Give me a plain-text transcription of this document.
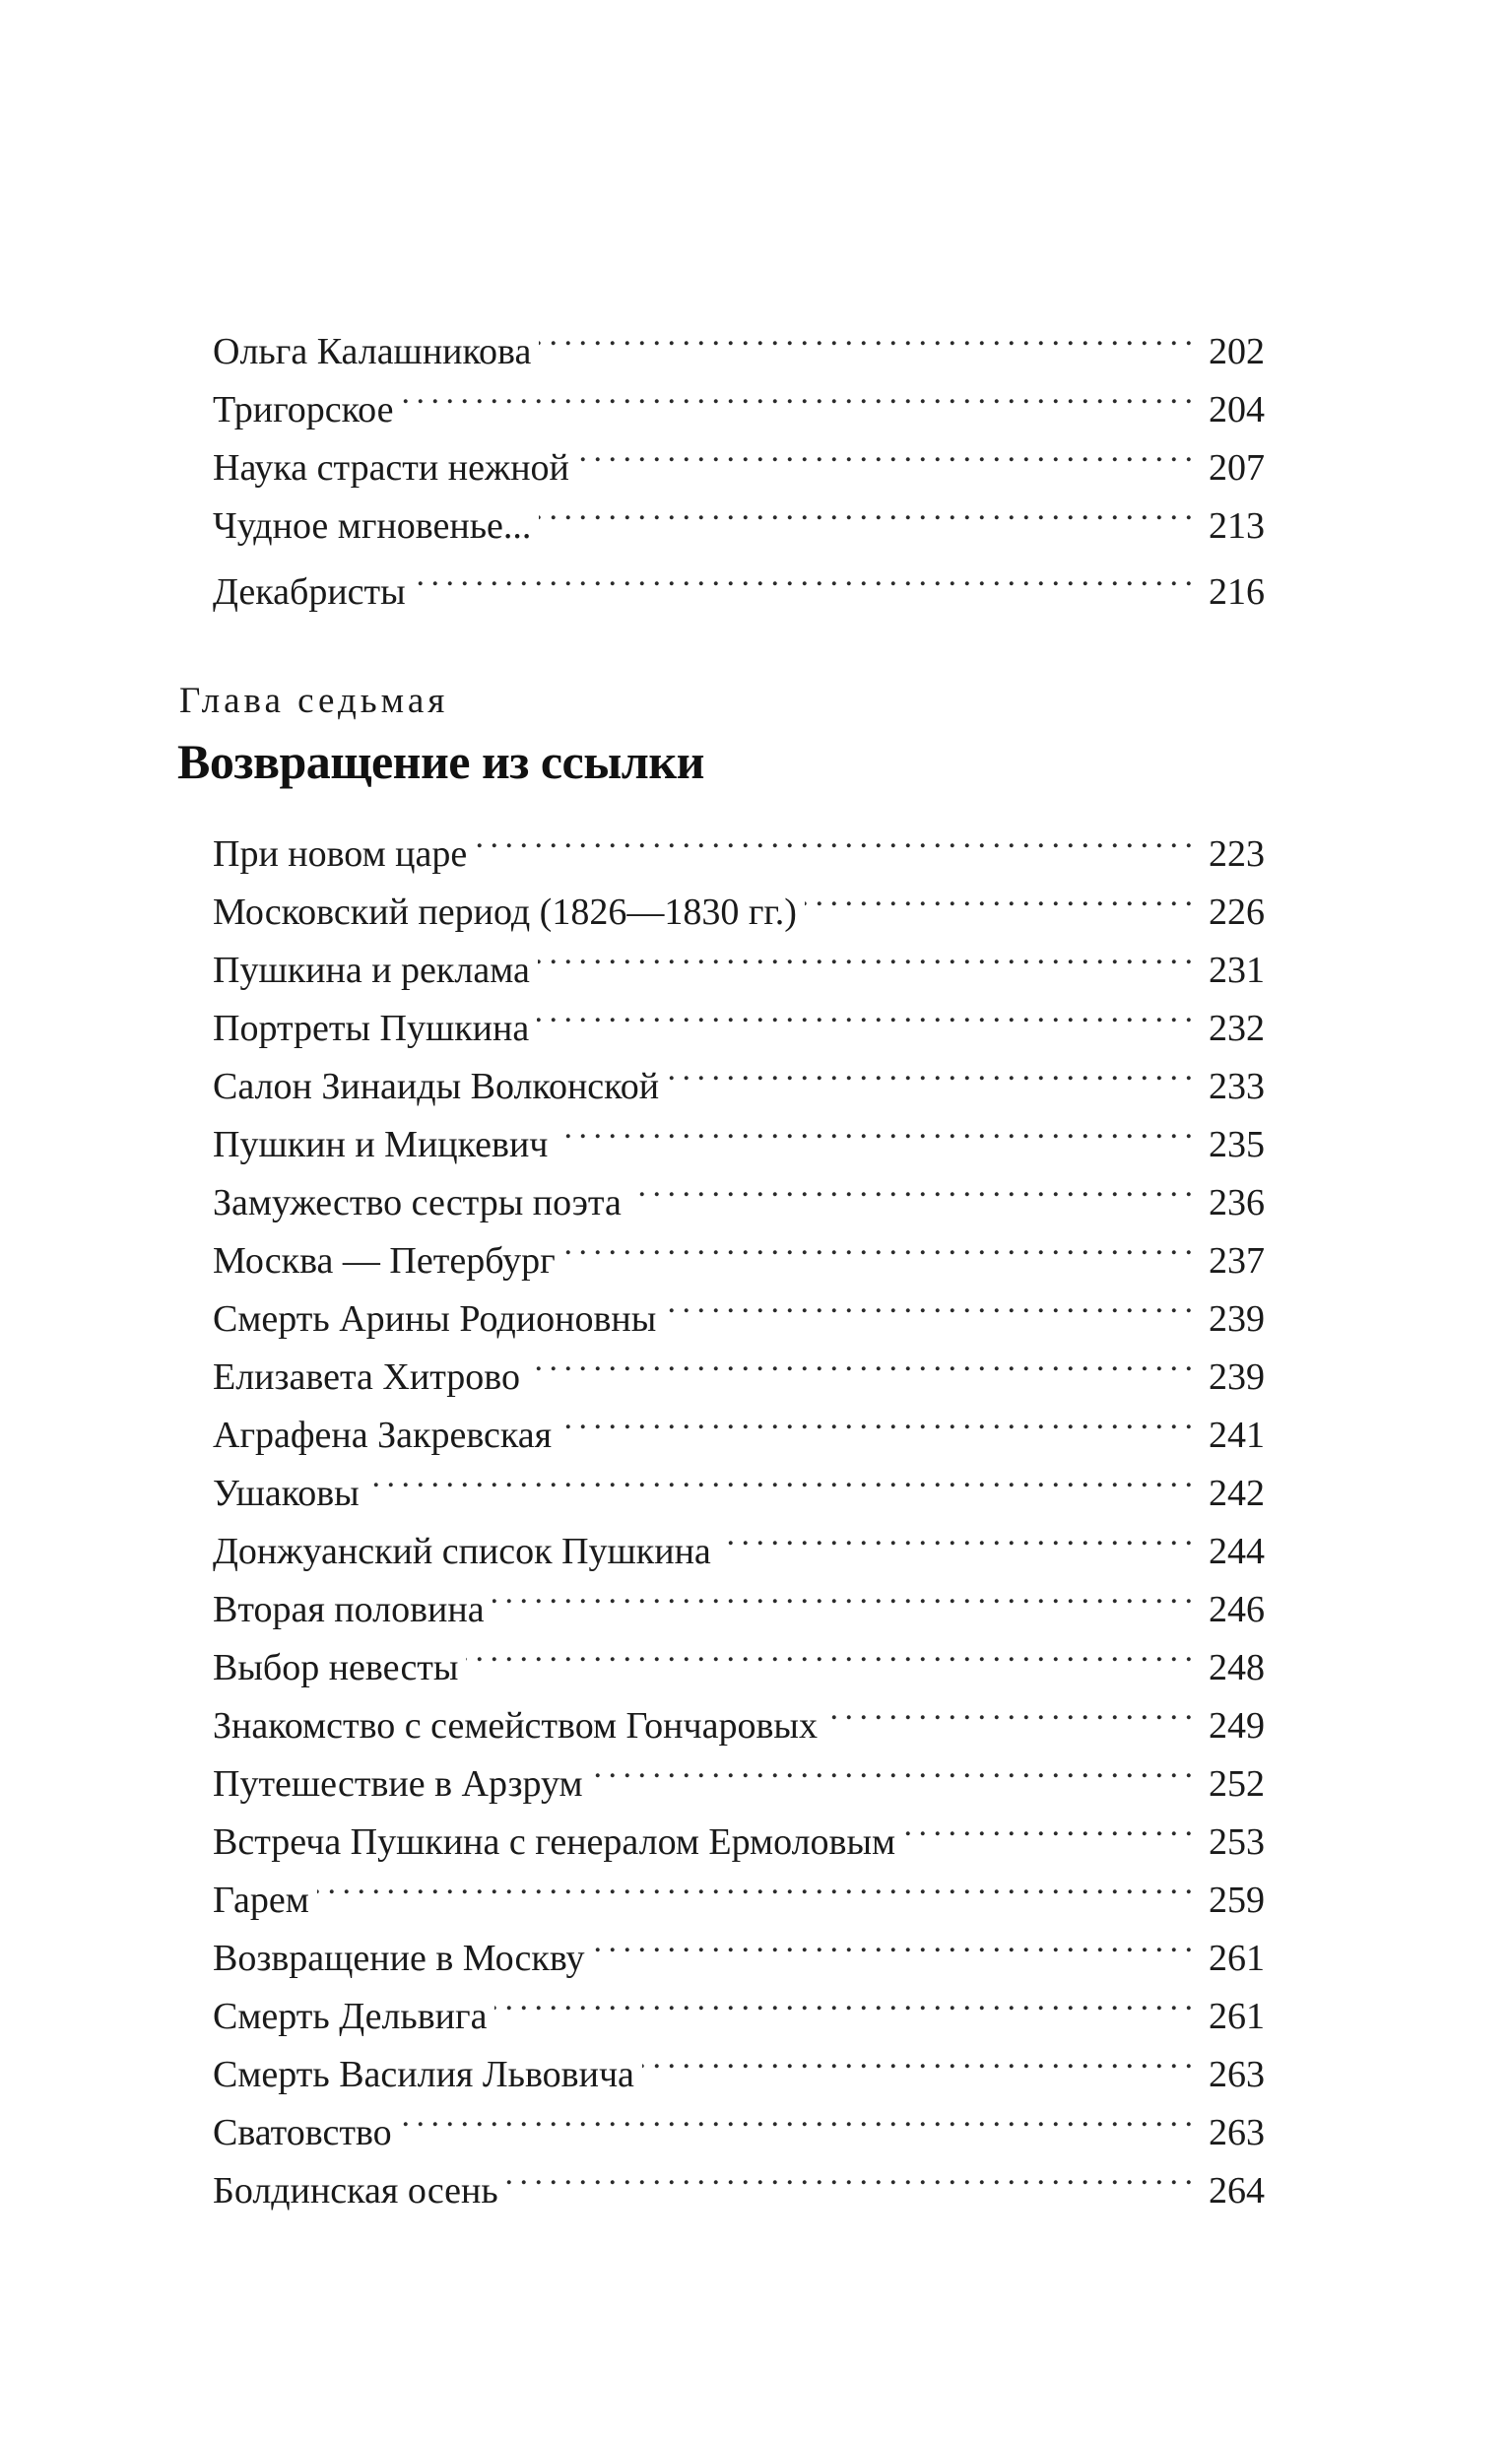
Ольга Калашникова . . .	202
Тригорское . . .	204
Наука страсти нежной . . .	207
Чудное мгновенье... . . .	213
Декабристы . . .	216
Глава седьмая
Возвращение из ссылки
При новом царе . . .	223
Московский период (1826—1830 гг.) . . .	226
Пушкина и реклама . . .	231
Портреты Пушкина . . .	232
Салон Зинаиды Волконской . . .	233
Пушкин и Мицкевич . . .	235
Замужество сестры поэта . . .	236
Москва — Петербург . . .	237
Смерть Арины Родионовны . . .	239
Елизавета Хитрово . . .	239
Аграфена Закревская . . .	241
Ушаковы . . .	242
Донжуанский список Пушкина . . .	244
Вторая половина . . .	246
Выбор невесты . . .	248
Знакомство с семейством Гончаровых . . .	249
Путешествие в Арзрум . . .	252
Встреча Пушкина с генералом Ермоловым . . .	253
Гарем . . .	259
Возвращение в Москву . . .	261
Смерть Дельвига . . .	261
Смерть Василия Львовича . . .	263
Сватовство . . .	263
Болдинская осень . . .	264
